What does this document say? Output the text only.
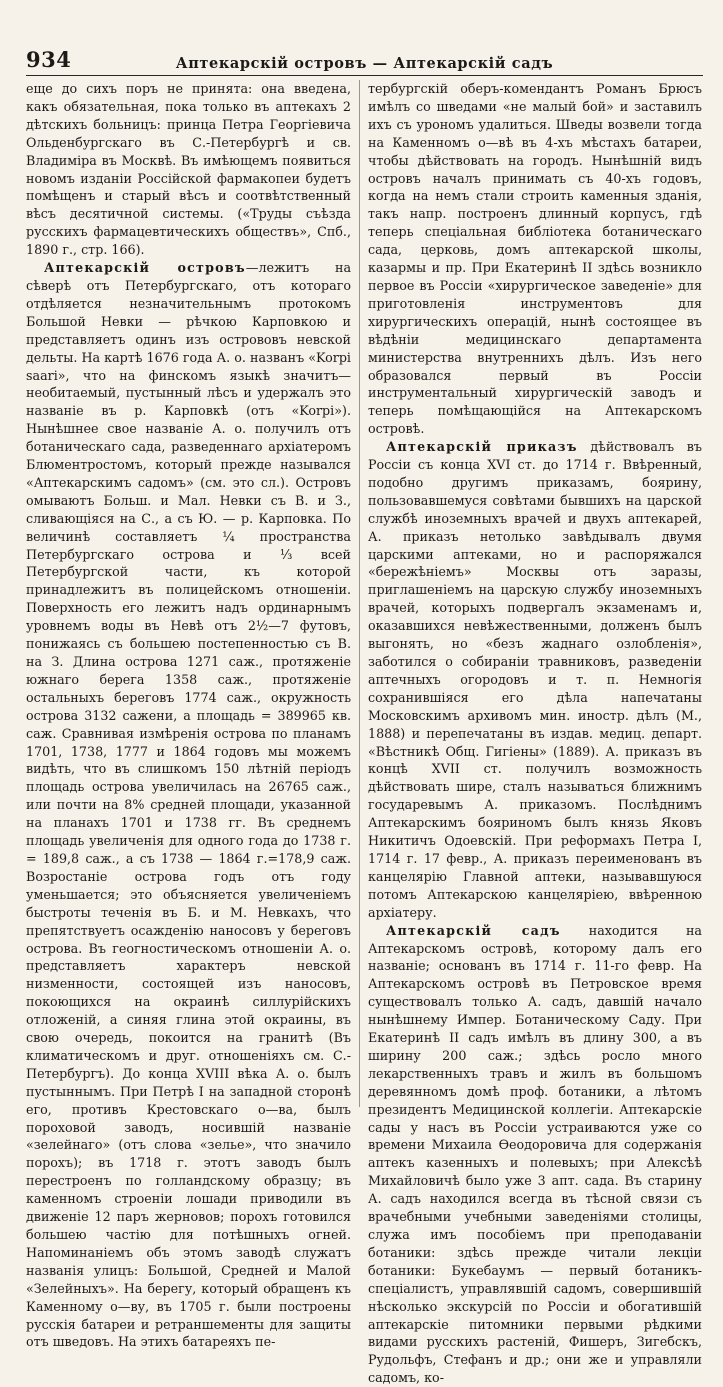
934	Аптекарскій островъ — Аптекарскій садъ

еще до сихъ поръ не принята: она введена, какъ обязательная, пока только въ аптекахъ 2 дѣтскихъ больницъ: принца Петра Георгіевича Ольденбургскаго въ С.-Петербургѣ и св. Владиміра въ Москвѣ. Въ имѣющемъ появиться новомъ изданіи Россійской фармакопеи будетъ помѣщенъ и старый вѣсъ и соотвѣтственный вѣсъ десятичной системы. («Труды съѣзда русскихъ фармацевтическихъ обществъ», Спб., 1890 г., стр. 166).

Аптекарскій островъ—лежитъ на сѣверѣ отъ Петербургскаго, отъ котораго отдѣляется незначительнымъ протокомъ Большой Невки — рѣчкою Карповкою и представляетъ одинъ изъ острововъ невской дельты. На картѣ 1676 года А. о. названъ «Korpi saari», что на финскомъ языкѣ значитъ—необитаемый, пустынный лѣсъ и удержалъ это названіе въ р. Карповкѣ (отъ «Korpi»). Нынѣшнее свое названіе А. о. получилъ отъ ботаническаго сада, разведеннаго архіатеромъ Блюментростомъ, который прежде назывался «Аптекарскимъ садомъ» (см. это сл.). Островъ омываютъ Больш. и Мал. Невки съ В. и З., сливающіяся на С., а съ Ю. — р. Карповка. По величинѣ составляетъ ¼ пространства Петербургскаго острова и ⅓ всей Петербургской части, къ которой принадлежитъ въ полицейскомъ отношеніи. Поверхность его лежитъ надъ ординарнымъ уровнемъ воды въ Невѣ отъ 2½—7 футовъ, понижаясь съ большею постепенностью съ В. на З. Длина острова 1271 саж., протяженіе южнаго берега 1358 саж., протяженіе остальныхъ береговъ 1774 саж., окружность острова 3132 сажени, а площадь = 389965 кв. саж. Сравнивая измѣренія острова по планамъ 1701, 1738, 1777 и 1864 годовъ мы можемъ видѣть, что въ слишкомъ 150 лѣтній періодъ площадь острова увеличилась на 26765 саж., или почти на 8% средней площади, указанной на планахъ 1701 и 1738 гг. Въ среднемъ площадь увеличенія для одного года до 1738 г. = 189,8 саж., а съ 1738 — 1864 г.=178,9 саж. Возростаніе острова годъ отъ году уменьшается; это объясняется увеличеніемъ быстроты теченія въ Б. и М. Невкахъ, что препятствуетъ осажденію наносовъ у береговъ острова. Въ геогностическомъ отношеніи А. о. представляетъ характеръ невской низменности, состоящей изъ наносовъ, покоющихся на окраинѣ силлурійскихъ отложеній, а синяя глина этой окраины, въ свою очередь, покоится на гранитѣ (Въ климатическомъ и друг. отношеніяхъ см. С.-Петербургъ). До конца XVIII вѣка А. о. былъ пустыннымъ. При Петрѣ I на западной сторонѣ его, противъ Крестовскаго о—ва, былъ пороховой заводъ, носившій названіе «зелейнаго» (отъ слова «зелье», что значило порохъ); въ 1718 г. этотъ заводъ былъ перестроенъ по голландскому образцу; въ каменномъ строеніи лошади приводили въ движеніе 12 паръ жерновов; порохъ готовился большею частію для потѣшныхъ огней. Напоминаніемъ объ этомъ заводѣ служатъ названія улицъ: Большой, Средней и Малой «Зелейныхъ». На берегу, который обращенъ къ Каменному о—ву, въ 1705 г. были построены русскія батареи и ретраншементы для защиты отъ шведовъ. На этихъ батареяхъ пе-

тербургскій оберъ-комендантъ Романъ Брюсъ имѣлъ со шведами «не малый бой» и заставилъ ихъ съ урономъ удалиться. Шведы возвели тогда на Каменномъ о—вѣ въ 4-хъ мѣстахъ батареи, чтобы дѣйствовать на городъ. Нынѣшній видъ островъ началъ принимать съ 40-хъ годовъ, когда на немъ стали строить каменныя зданія, такъ напр. построенъ длинный корпусъ, гдѣ теперь спеціальная библіотека ботаническаго сада, церковь, домъ аптекарской школы, казармы и пр. При Екатеринѣ II здѣсь возникло первое въ Россіи «хирургическое заведеніе» для приготовленія инструментовъ для хирургическихъ операцій, нынѣ состоящее въ вѣдѣніи медицинскаго департамента министерства внутреннихъ дѣлъ. Изъ него образовался первый въ Россіи инструментальный хирургическій заводъ и теперь помѣщающійся на Аптекарскомъ островѣ.

Аптекарскій приказъ дѣйствовалъ въ Россіи съ конца XVI ст. до 1714 г. Ввѣренный, подобно другимъ приказамъ, боярину, пользовавшемуся совѣтами бывшихъ на царской службѣ иноземныхъ врачей и двухъ аптекарей, А. приказъ нетолько завѣдывалъ двумя царскими аптеками, но и распоряжался «бережѣніемъ» Москвы отъ заразы, приглашеніемъ на царскую службу иноземныхъ врачей, которыхъ подвергалъ экзаменамъ и, оказавшихся невѣжественными, долженъ былъ выгонять, но «безъ жаднаго озлобленія», заботился о собираніи травниковъ, разведеніи аптечныхъ огородовъ и т. п. Немногія сохранившіяся его дѣла напечатаны Московскимъ архивомъ мин. иностр. дѣлъ (М., 1888) и перепечатаны въ издав. медиц. департ. «Вѣстникѣ Общ. Гигіены» (1889). А. приказъ въ концѣ XVII ст. получилъ возможность дѣйствовать шире, сталъ называться ближнимъ государевымъ А. приказомъ. Послѣднимъ Аптекарскимъ бояриномъ былъ князь Яковъ Никитичъ Одоевскій. При реформахъ Петра I, 1714 г. 17 февр., А. приказъ переименованъ въ канцелярію Главной аптеки, называвшуюся потомъ Аптекарскою канцеляріею, ввѣренною архіатеру.

Аптекарскій садъ находится на Аптекарскомъ островѣ, которому далъ его названіе; основанъ въ 1714 г. 11-го февр. На Аптекарскомъ островѣ въ Петровское время существовалъ только А. садъ, давшій начало нынѣшнему Импер. Ботаническому Саду. При Екатеринѣ II садъ имѣлъ въ длину 300, а въ ширину 200 саж.; здѣсь росло много лекарственныхъ травъ и жилъ въ большомъ деревянномъ домѣ проф. ботаники, а лѣтомъ президентъ Медицинской коллегіи. Аптекарскіе сады у насъ въ Россіи устраиваются уже со времени Михаила Ѳеодоровича для содержанія аптекъ казенныхъ и полевыхъ; при Алексѣѣ Михайловичѣ было уже 3 апт. сада. Въ старину А. садъ находился всегда въ тѣсной связи съ врачебными учебными заведеніями столицы, служа имъ пособіемъ при преподаваніи ботаники: здѣсь прежде читали лекціи ботаники: Букебаумъ — первый ботаникъ-спеціалистъ, управлявшій садомъ, совершившій нѣсколько экскурсій по Россіи и обогатившій аптекарскіе питомники первыми рѣдкими видами русскихъ растеній, Фишеръ, Зигебскъ, Рудольфъ, Стефанъ и др.; они же и управляли садомъ, ко-
